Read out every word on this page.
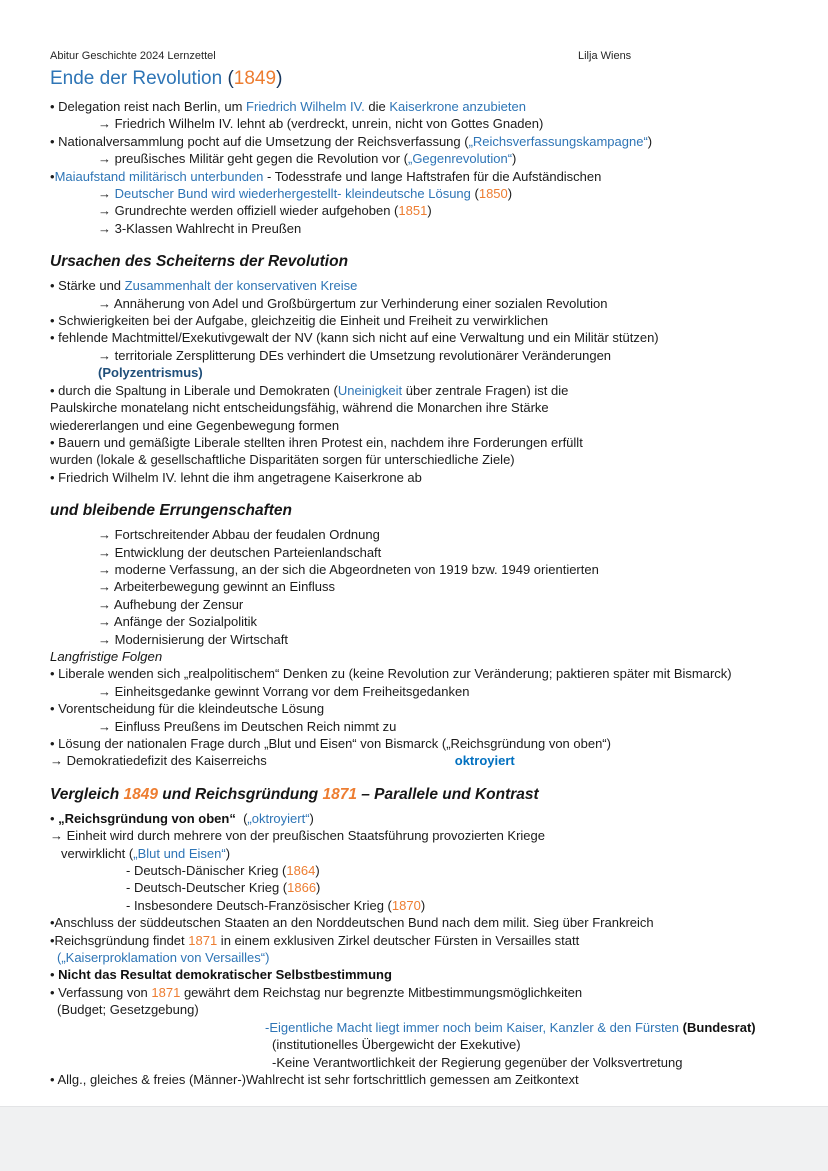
Abitur Geschichte 2024 Lernzettel	Lilja Wiens
Ende der Revolution (1849)
• Delegation reist nach Berlin, um Friedrich Wilhelm IV. die Kaiserkrone anzubieten
→ Friedrich Wilhelm IV. lehnt ab (verdreckt, unrein, nicht von Gottes Gnaden)
• Nationalversammlung pocht auf die Umsetzung der Reichsverfassung („Reichsverfassungskampagne“)
→ preußisches Militär geht gegen die Revolution vor („Gegenrevolution“)
•Maiaufstand militärisch unterbunden - Todesstrafe und lange Haftstrafen für die Aufständischen
→ Deutscher Bund wird wiederhergestellt- kleindeutsche Lösung (1850)
→ Grundrechte werden offiziell wieder aufgehoben (1851)
→ 3-Klassen Wahlrecht in Preußen
Ursachen des Scheiterns der Revolution
• Stärke und Zusammenhalt der konservativen Kreise
→ Annäherung von Adel und Großbürgertum zur Verhinderung einer sozialen Revolution
• Schwierigkeiten bei der Aufgabe, gleichzeitig die Einheit und Freiheit zu verwirklichen
• fehlende Machtmittel/Exekutivgewalt der NV (kann sich nicht auf eine Verwaltung und ein Militär stützen)
→ territoriale Zersplitterung DEs verhindert die Umsetzung revolutionärer Veränderungen
(Polyzentrismus)
• durch die Spaltung in Liberale und Demokraten (Uneinigkeit über zentrale Fragen) ist die
Paulskirche monatelang nicht entscheidungsfähig, während die Monarchen ihre Stärke
wiedererlangen und eine Gegenbewegung formen
• Bauern und gemäßigte Liberale stellten ihren Protest ein, nachdem ihre Forderungen erfüllt
wurden (lokale & gesellschaftliche Disparitäten sorgen für unterschiedliche Ziele)
• Friedrich Wilhelm IV. lehnt die ihm angetragene Kaiserkrone ab
und bleibende Errungenschaften
→ Fortschreitender Abbau der feudalen Ordnung
→ Entwicklung der deutschen Parteienlandschaft
→ moderne Verfassung, an der sich die Abgeordneten von 1919 bzw. 1949 orientierten
→ Arbeiterbewegung gewinnt an Einfluss
→ Aufhebung der Zensur
→ Anfänge der Sozialpolitik
→ Modernisierung der Wirtschaft
Langfristige Folgen
• Liberale wenden sich „realpolitischem“ Denken zu (keine Revolution zur Veränderung; paktieren später mit Bismarck)
→ Einheitsgedanke gewinnt Vorrang vor dem Freiheitsgedanken
• Vorentscheidung für die kleindeutsche Lösung
→ Einfluss Preußens im Deutschen Reich nimmt zu
• Lösung der nationalen Frage durch „Blut und Eisen“ von Bismarck („Reichsgründung von oben“)
→ Demokratiedefizit des Kaiserreichs	oktroyiert
Vergleich 1849 und Reichsgründung 1871 – Parallele und Kontrast
• „Reichsgründung von oben“  („oktroyiert“)
→ Einheit wird durch mehrere von der preußischen Staatsführung provozierten Kriege
verwirklicht („Blut und Eisen“)
- Deutsch-Dänischer Krieg (1864)
- Deutsch-Deutscher Krieg (1866)
- Insbesondere Deutsch-Französischer Krieg (1870)
•Anschluss der süddeutschen Staaten an den Norddeutschen Bund nach dem milit. Sieg über Frankreich
•Reichsgründung findet 1871 in einem exklusiven Zirkel deutscher Fürsten in Versailles statt
(„Kaiserproklamation von Versailles“)
• Nicht das Resultat demokratischer Selbstbestimmung
• Verfassung von 1871 gewährt dem Reichstag nur begrenzte Mitbestimmungsmöglichkeiten
(Budget; Gesetzgebung)
-Eigentliche Macht liegt immer noch beim Kaiser, Kanzler & den Fürsten (Bundesrat)
(institutionelles Übergewicht der Exekutive)
-Keine Verantwortlichkeit der Regierung gegenüber der Volksvertretung
• Allg., gleiches & freies (Männer-)Wahlrecht ist sehr fortschrittlich gemessen am Zeitkontext
